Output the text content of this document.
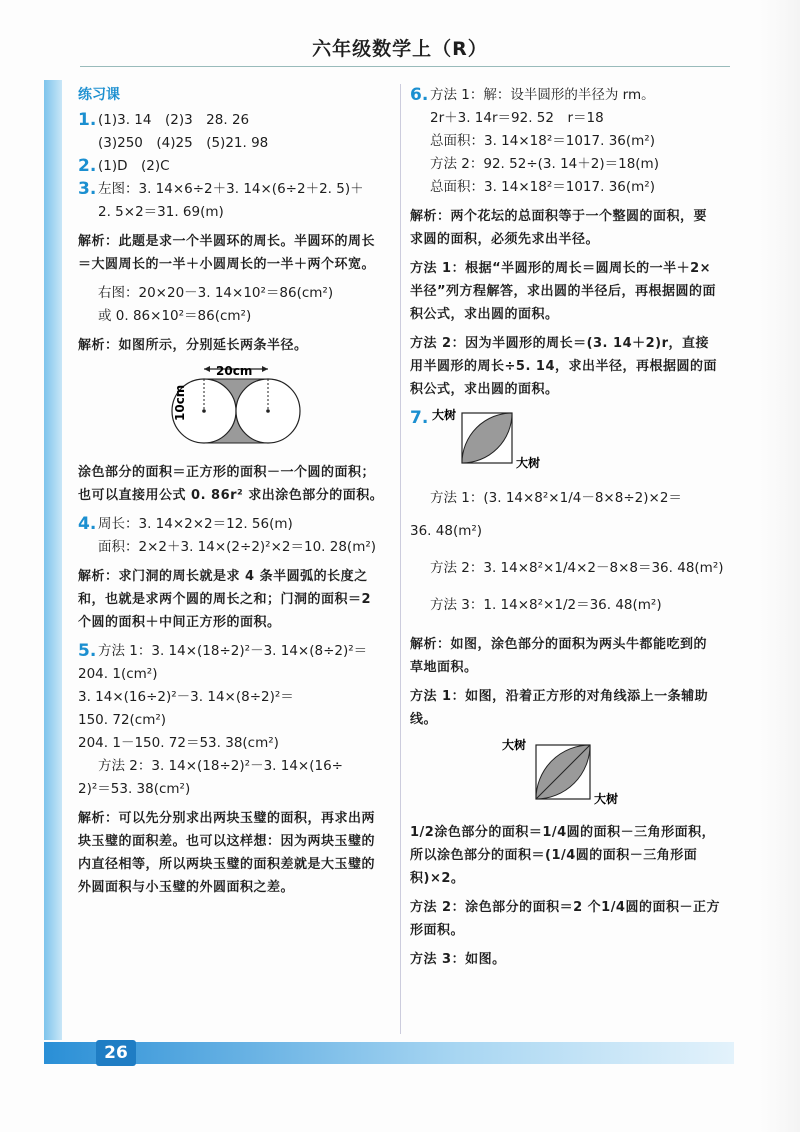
六年级数学上（R）
练习课
1. (1)3. 14　(2)3　28. 26
(3)250　(4)25　(5)21. 98
2. (1)D　(2)C
3. 左图：3. 14×6÷2＋3. 14×(6÷2＋2. 5)＋
2. 5×2＝31. 69(m)
解析：此题是求一个半圆环的周长。半圆环的周长＝大圆周长的一半＋小圆周长的一半＋两个环宽。
右图：20×20－3. 14×10²＝86(cm²)
或 0. 86×10²＝86(cm²)
解析：如图所示，分别延长两条半径。
20cm
10cm
涂色部分的面积＝正方形的面积－一个圆的面积；也可以直接用公式 0. 86r² 求出涂色部分的面积。
4. 周长：3. 14×2×2＝12. 56(m)
面积：2×2＋3. 14×(2÷2)²×2＝10. 28(m²)
解析：求门洞的周长就是求 4 条半圆弧的长度之和，也就是求两个圆的周长之和；门洞的面积＝2 个圆的面积＋中间正方形的面积。
5. 方法 1：3. 14×(18÷2)²－3. 14×(8÷2)²＝
204. 1(cm²)
3. 14×(16÷2)²－3. 14×(8÷2)²＝
150. 72(cm²)
204. 1－150. 72＝53. 38(cm²)
方法 2：3. 14×(18÷2)²－3. 14×(16÷
2)²＝53. 38(cm²)
解析：可以先分别求出两块玉璧的面积，再求出两块玉璧的面积差。也可以这样想：因为两块玉璧的内直径相等，所以两块玉璧的面积差就是大玉璧的外圆面积与小玉璧的外圆面积之差。
6. 方法 1：解：设半圆形的半径为 rm。
2r＋3. 14r＝92. 52　r＝18
总面积：3. 14×18²＝1017. 36(m²)
方法 2：92. 52÷(3. 14＋2)＝18(m)
总面积：3. 14×18²＝1017. 36(m²)
解析：两个花坛的总面积等于一个整圆的面积，要求圆的面积，必须先求出半径。
方法 1：根据“半圆形的周长＝圆周长的一半＋2×半径”列方程解答，求出圆的半径后，再根据圆的面积公式，求出圆的面积。
方法 2：因为半圆形的周长＝(3. 14＋2)r，直接用半圆形的周长÷5. 14，求出半径，再根据圆的面积公式，求出圆的面积。
7. 大树
大树
方法 1：(3. 14×8²×1/4－8×8÷2)×2＝
36. 48(m²)
方法 2：3. 14×8²×1/4×2－8×8＝36. 48(m²)
方法 3：1. 14×8²×1/2＝36. 48(m²)
解析：如图，涂色部分的面积为两头牛都能吃到的草地面积。
方法 1：如图，沿着正方形的对角线添上一条辅助线。
大树
大树
1/2涂色部分的面积＝1/4圆的面积－三角形面积，所以涂色部分的面积＝(1/4圆的面积－三角形面积)×2。
方法 2：涂色部分的面积＝2 个1/4圆的面积－正方形面积。
方法 3：如图。
26
